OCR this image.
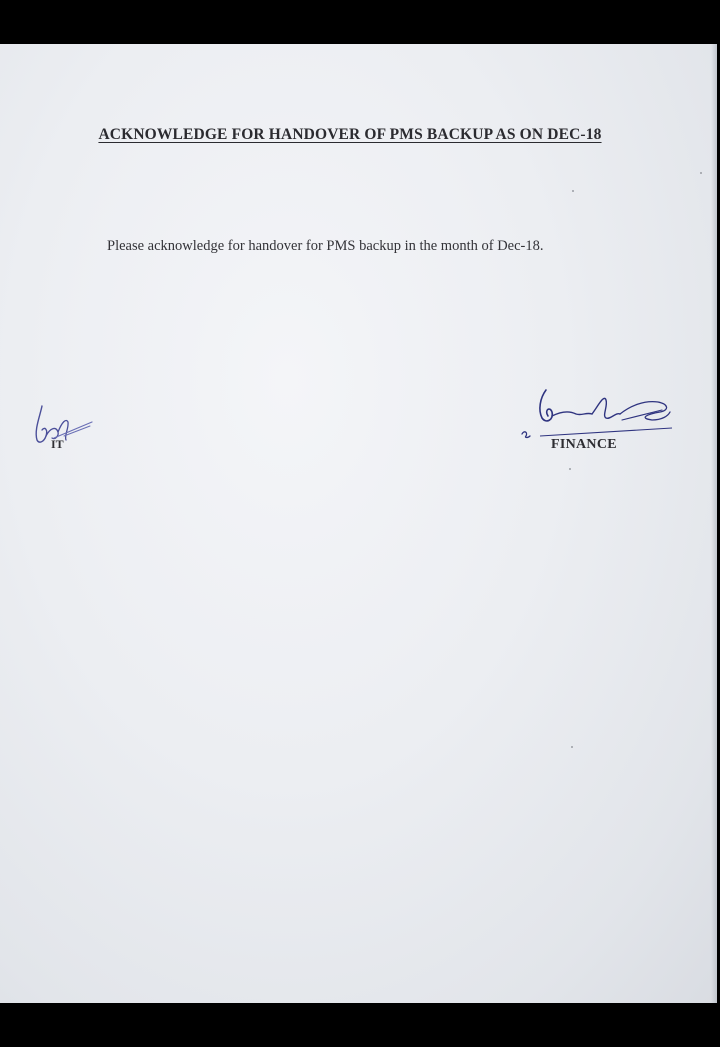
ACKNOWLEDGE FOR HANDOVER OF PMS BACKUP AS ON DEC-18
Please acknowledge for handover for PMS backup in the month of Dec-18.
IT	FINANCE
